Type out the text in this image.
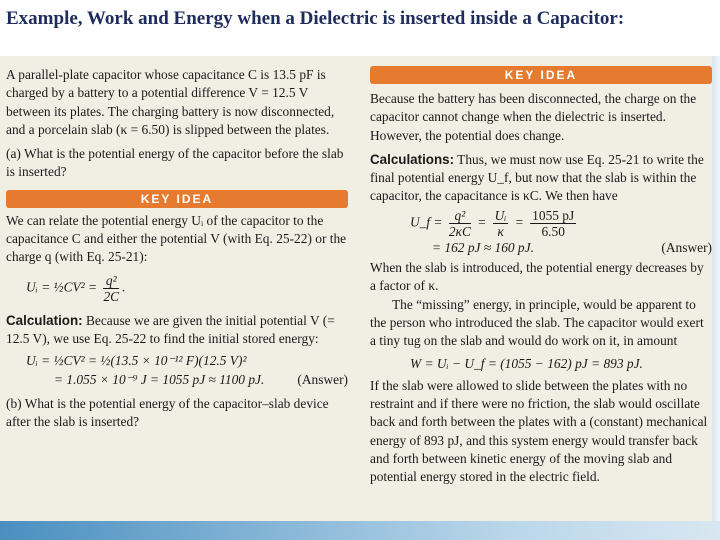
Example, Work and Energy when a Dielectric is inserted inside a Capacitor:

A parallel-plate capacitor whose capacitance C is 13.5 pF is charged by a battery to a potential difference V = 12.5 V between its plates. The charging battery is now disconnected, and a porcelain slab (κ = 6.50) is slipped between the plates.

(a) What is the potential energy of the capacitor before the slab is inserted?

KEY IDEA

We can relate the potential energy Uᵢ of the capacitor to the capacitance C and either the potential V (with Eq. 25-22) or the charge q (with Eq. 25-21):

Uᵢ = ½CV² = $\frac{\text{q²}}{2C}$ .

Calculation: Because we are given the initial potential V (= 12.5 V), we use Eq. 25-22 to find the initial stored energy:

Uᵢ = ½CV² = ½(13.5 × 10⁻¹² F)(12.5 V)²
= 1.055 × 10⁻⁹ J = 1055 pJ ≈ 1100 pJ. (Answer)

(b) What is the potential energy of the capacitor–slab device after the slab is inserted?

KEY IDEA

Because the battery has been disconnected, the charge on the capacitor cannot change when the dielectric is inserted. However, the potential does change.

Calculations: Thus, we must now use Eq. 25-21 to write the final potential energy U_f, but now that the slab is within the capacitor, the capacitance is κC. We then have

U_f = $\frac{\text{q²}}{2\kappa C} = \frac{\text{Uᵢ}}{\kappa} = \frac{1055 pJ}{6.50}$
= 162 pJ ≈ 160 pJ.	(Answer)

When the slab is introduced, the potential energy decreases by a factor of κ.

The “missing” energy, in principle, would be apparent to the person who introduced the slab. The capacitor would exert a tiny tug on the slab and would do work on it, in amount

W = Uᵢ − U_f = (1055 − 162) pJ = 893 pJ.

If the slab were allowed to slide between the plates with no restraint and if there were no friction, the slab would oscillate back and forth between the plates with a (constant) mechanical energy of 893 pJ, and this system energy would transfer back and forth between kinetic energy of the moving slab and potential energy stored in the electric field.
